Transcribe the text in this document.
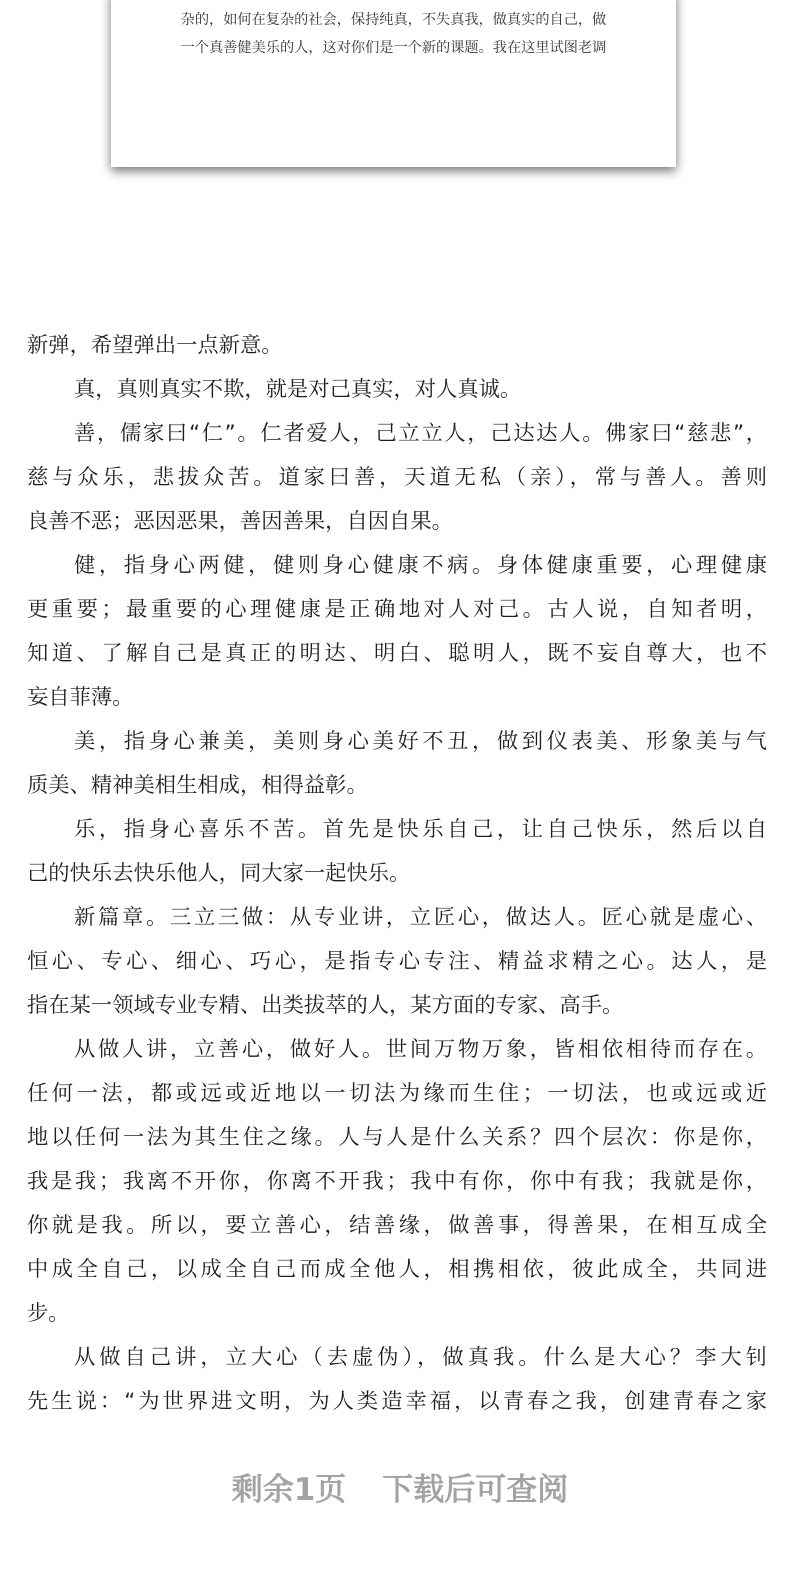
杂的，如何在复杂的社会，保持纯真，不失真我，做真实的自己，做
一个真善健美乐的人，这对你们是一个新的课题。我在这里试图老调
新弹，希望弹出一点新意。
真，真则真实不欺，就是对己真实，对人真诚。
善，儒家曰“仁”。仁者爱人，己立立人，己达达人。佛家曰“慈悲”，
慈与众乐，悲拔众苦。道家曰善，天道无私（亲），常与善人。善则
良善不恶；恶因恶果，善因善果，自因自果。
健，指身心两健，健则身心健康不病。身体健康重要，心理健康
更重要；最重要的心理健康是正确地对人对己。古人说，自知者明，
知道、了解自己是真正的明达、明白、聪明人，既不妄自尊大，也不
妄自菲薄。
美，指身心兼美，美则身心美好不丑，做到仪表美、形象美与气
质美、精神美相生相成，相得益彰。
乐，指身心喜乐不苦。首先是快乐自己，让自己快乐，然后以自
己的快乐去快乐他人，同大家一起快乐。
新篇章。三立三做：从专业讲，立匠心，做达人。匠心就是虚心、
恒心、专心、细心、巧心，是指专心专注、精益求精之心。达人，是
指在某一领域专业专精、出类拔萃的人，某方面的专家、高手。
从做人讲，立善心，做好人。世间万物万象，皆相依相待而存在。
任何一法，都或远或近地以一切法为缘而生住；一切法，也或远或近
地以任何一法为其生住之缘。人与人是什么关系？四个层次：你是你，
我是我；我离不开你，你离不开我；我中有你，你中有我；我就是你，
你就是我。所以，要立善心，结善缘，做善事，得善果，在相互成全
中成全自己，以成全自己而成全他人，相携相依，彼此成全，共同进
步。
从做自己讲，立大心（去虚伪），做真我。什么是大心？李大钊
先生说：“为世界进文明，为人类造幸福，以青春之我，创建青春之家
剩余1页 下载后可查阅
